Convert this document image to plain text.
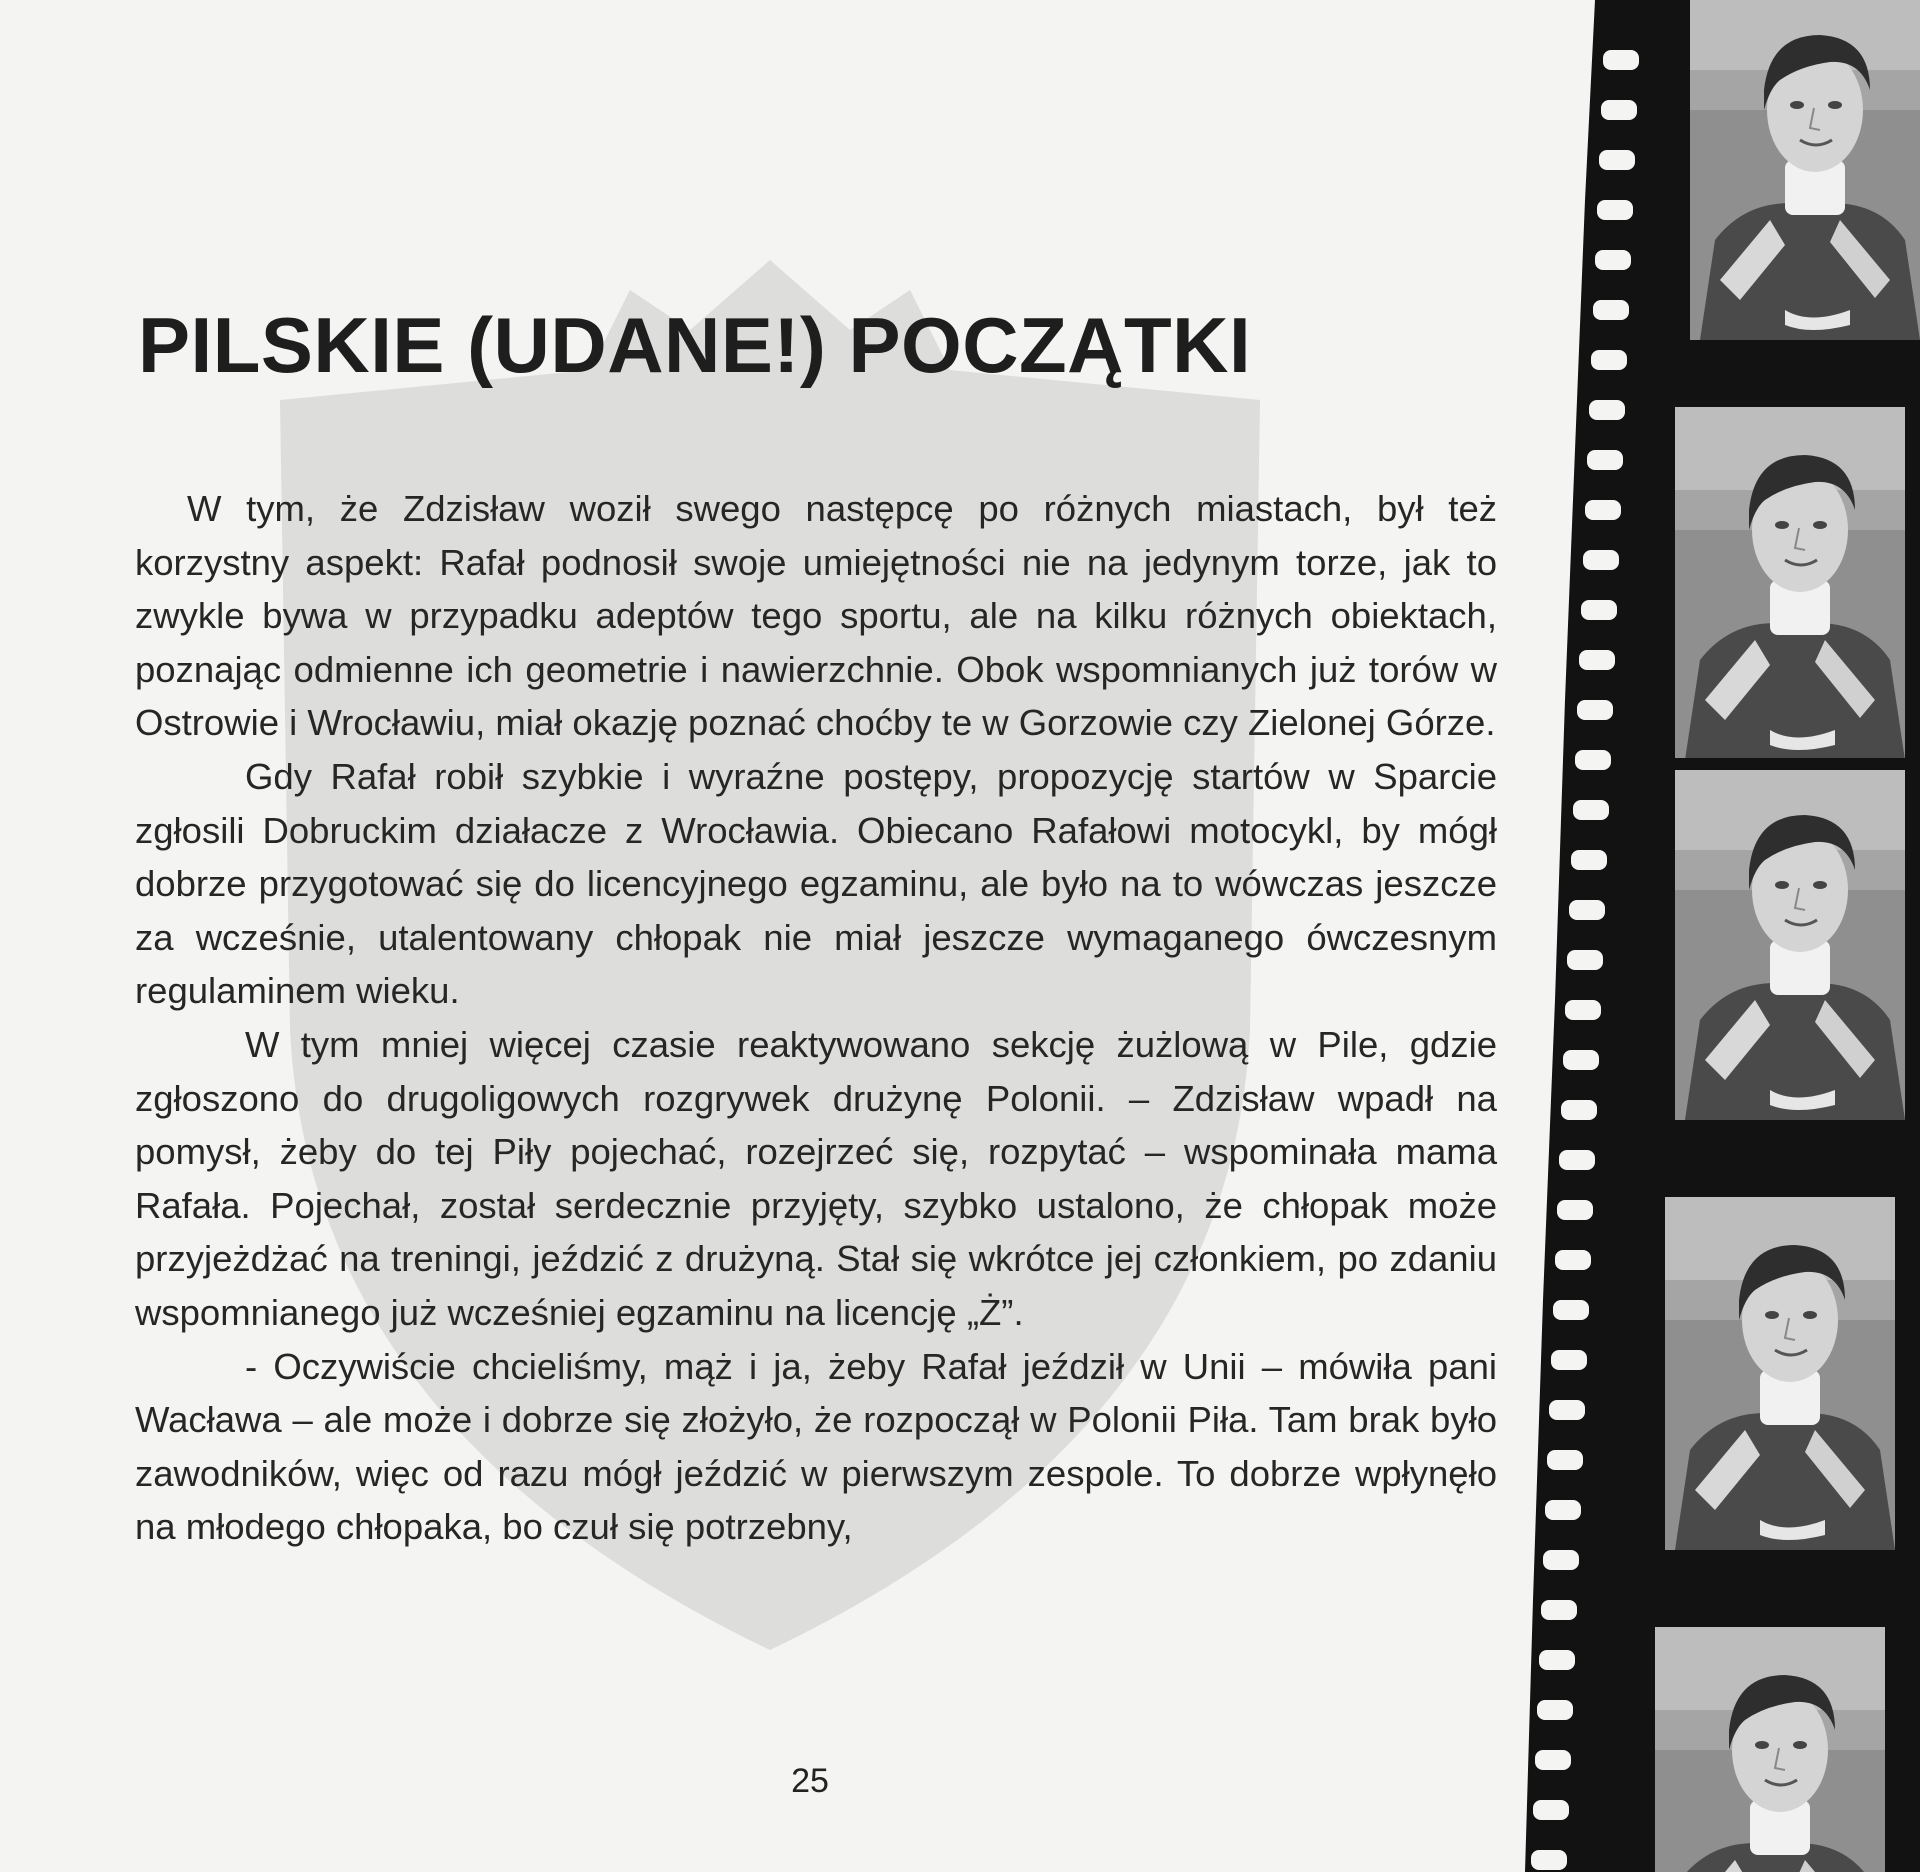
PILSKIE (UDANE!) POCZĄTKI

W tym, że Zdzisław woził swego następcę po różnych miastach, był też korzystny aspekt: Rafał podnosił swoje umiejętności nie na jedynym torze, jak to zwykle bywa w przypadku adeptów tego sportu, ale na kilku różnych obiektach, poznając odmienne ich geometrie i nawierzchnie. Obok wspomnianych już torów w Ostrowie i Wrocławiu, miał okazję poznać choćby te w Gorzowie czy Zielonej Górze.

Gdy Rafał robił szybkie i wyraźne postępy, propozycję startów w Sparcie zgłosili Dobruckim działacze z Wrocławia. Obiecano Rafałowi motocykl, by mógł dobrze przygotować się do licencyjnego egzaminu, ale było na to wówczas jeszcze za wcześnie, utalentowany chłopak nie miał jeszcze wymaganego ówczesnym regulaminem wieku.

W tym mniej więcej czasie reaktywowano sekcję żużlową w Pile, gdzie zgłoszono do drugoligowych rozgrywek drużynę Polonii. – Zdzisław wpadł na pomysł, żeby do tej Piły pojechać, rozejrzeć się, rozpytać – wspominała mama Rafała. Pojechał, został serdecznie przyjęty, szybko ustalono, że chłopak może przyjeżdżać na treningi, jeździć z drużyną. Stał się wkrótce jej członkiem, po zdaniu wspomnianego już wcześniej egzaminu na licencję „Ż”.

- Oczywiście chcieliśmy, mąż i ja, żeby Rafał jeździł w Unii – mówiła pani Wacława – ale może i dobrze się złożyło, że rozpoczął w Polonii Piła. Tam brak było zawodników, więc od razu mógł jeździć w pierwszym zespole. To dobrze wpłynęło na młodego chłopaka, bo czuł się potrzebny,

25
